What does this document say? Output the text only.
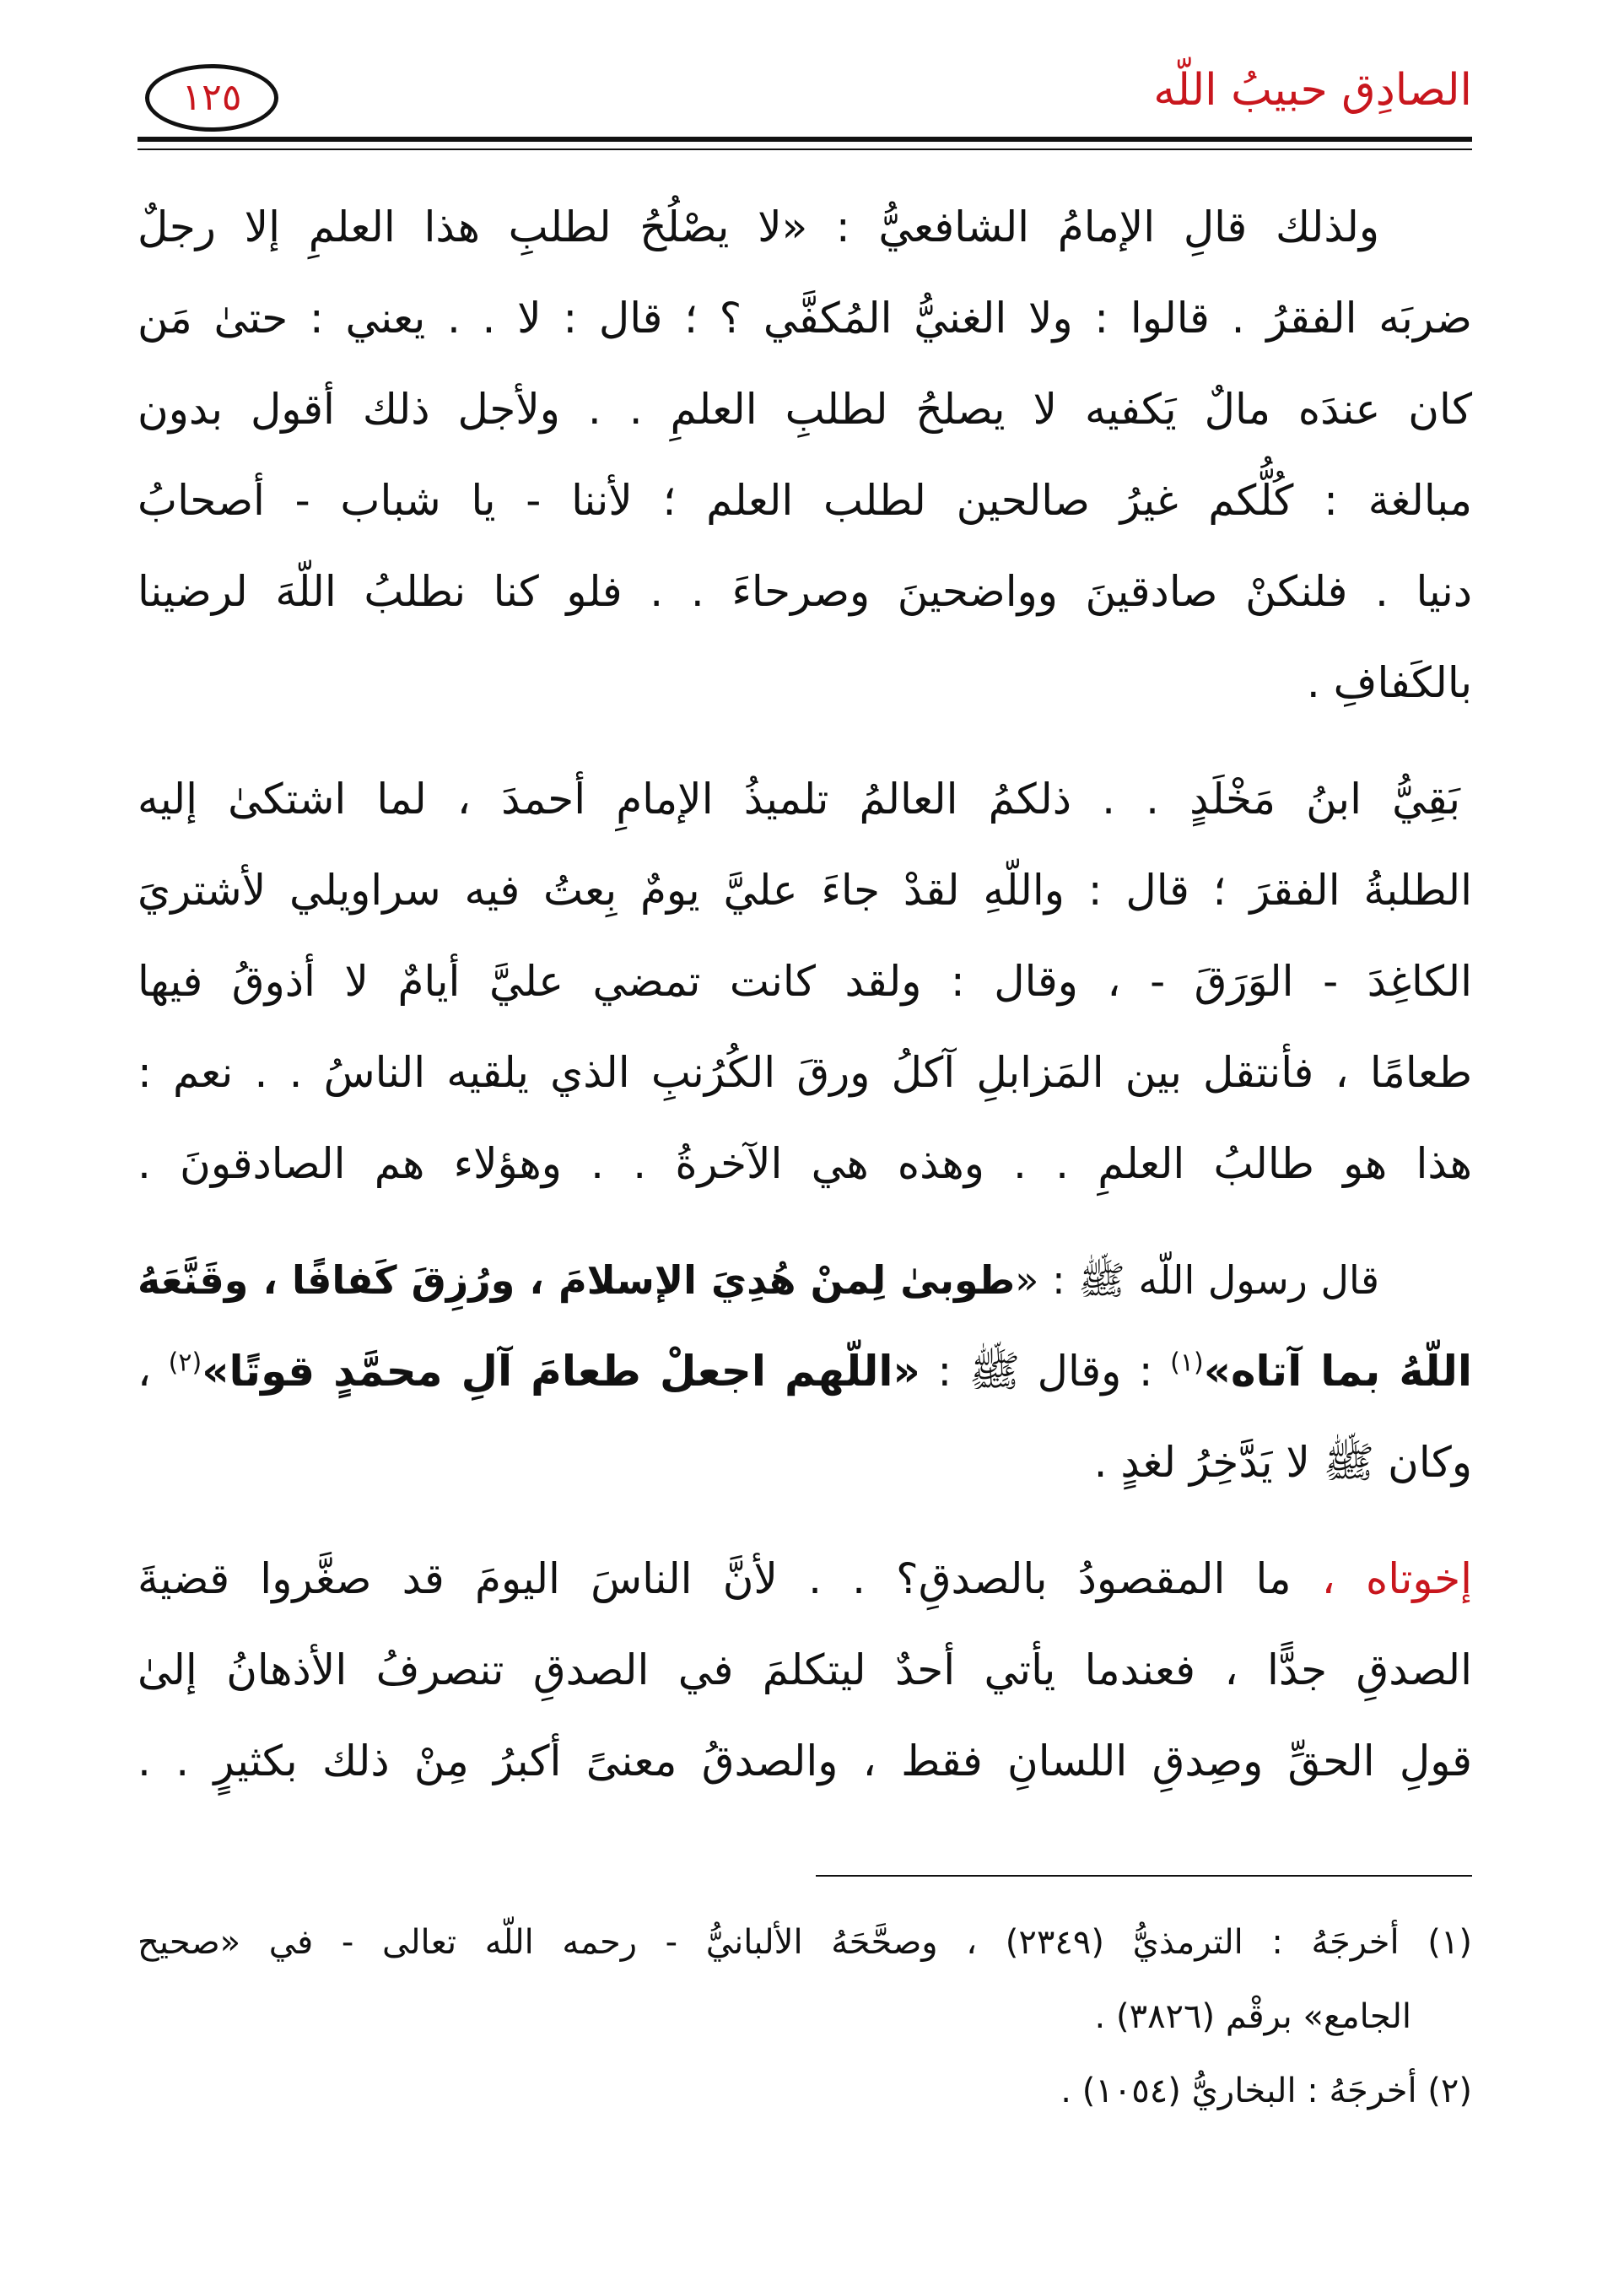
الصادِق حبيبُ اللّه
١٢٥
ولذلك قالِ الإمامُ الشافعيُّ : «لا يصْلُحُ لطلبِ هذا العلمِ إلا رجلٌ
ضربَه الفقرُ . قالوا : ولا الغنيُّ المُكفَّي ؟ ؛ قال : لا . . يعني : حتىٰ مَن
كان عندَه مالٌ يَكفيه لا يصلحُ لطلبِ العلمِ . . ولأجل ذلك أقول بدون
مبالغة : كُلُّكم غيرُ صالحين لطلب العلم ؛ لأننا - يا شباب - أصحابُ
دنيا . فلنكنْ صادقينَ وواضحينَ وصرحاءَ . . فلو كنا نطلبُ اللّهَ لرضينا
بالكَفافِ .
بَقِيُّ ابنُ مَخْلَدٍ . . ذلكمُ العالمُ تلميذُ الإمامِ أحمدَ ، لما اشتكىٰ إليه
الطلبةُ الفقرَ ؛ قال : واللّهِ لقدْ جاءَ عليَّ يومٌ بِعتُ فيه سراويلي لأشتريَ
الكاغِدَ - الوَرَقَ - ، وقال : ولقد كانت تمضي عليَّ أيامٌ لا أذوقُ فيها
طعامًا ، فأنتقل بين المَزابلِ آكلُ ورقَ الكُرُنبِ الذي يلقيه الناسُ . . نعم :
هذا هو طالبُ العلمِ . . وهذه هي الآخرةُ . . وهؤلاء هم الصادقونَ .
قال رسول اللّه ﷺ : «طوبىٰ لِمنْ هُدِيَ الإسلامَ ، ورُزِقَ كَفافًا ، وقَنَّعَهُ
اللّهُ بما آتاه»$^{(١)}$ : وقال ﷺ : «اللّهم اجعلْ طعامَ آلِ محمَّدٍ قوتًا»$^{(٢)}$ ،
وكان ﷺ لا يَدَّخِرُ لغدٍ .
إخوتاه ، ما المقصودُ بالصدقِ؟ . . لأنَّ الناسَ اليومَ قد صغَّروا قضيةَ
الصدقِ جدًّا ، فعندما يأتي أحدٌ ليتكلمَ في الصدقِ تنصرفُ الأذهانُ إلىٰ
قولِ الحقِّ وصِدقِ اللسانِ فقط ، والصدقُ معنىً أكبرُ مِنْ ذلك بكثيرٍ . .
(١) أخرجَهُ : الترمذيُّ (٢٣٤٩) ، وصحَّحَهُ الألبانيُّ - رحمه اللّه تعالى - في «صحيح
الجامع» برقْم (٣٨٢٦) .
(٢) أخرجَهُ : البخاريُّ (١٠٥٤) .
